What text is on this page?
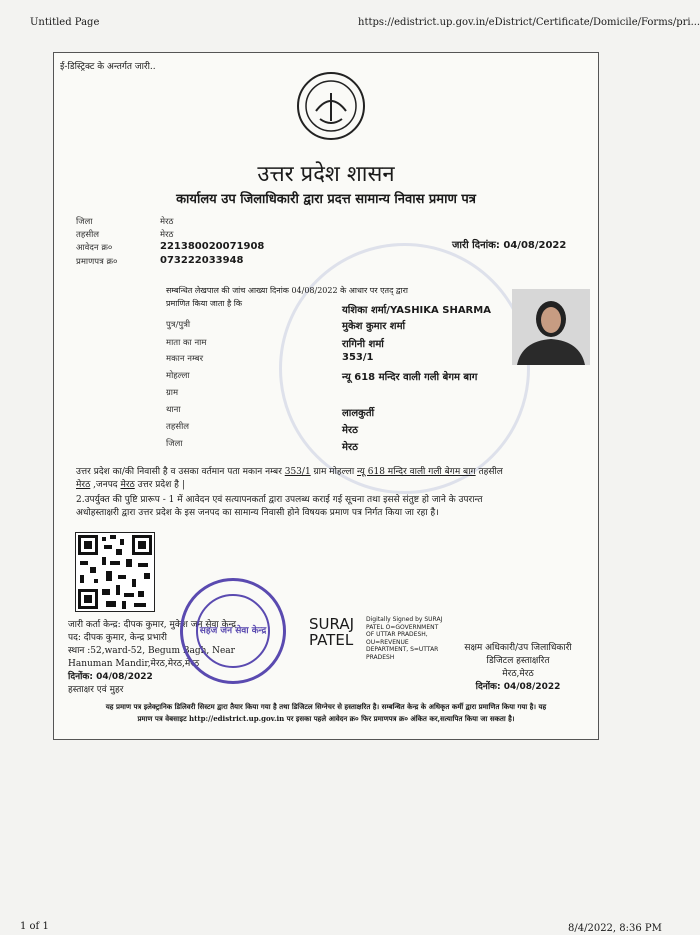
Untitled Page	https://edistrict.up.gov.in/eDistrict/Certificate/Domicile/Forms/pri...
ई-डिस्ट्रिक्ट के अन्तर्गत जारी..
उत्तर प्रदेश शासन
कार्यालय उप जिलाधिकारी द्वारा प्रदत्त सामान्य निवास प्रमाण पत्र
जिला	मेरठ
तहसील	मेरठ
आवेदन क्र०	221380020071908
प्रमाणपत्र क्र०	073222033948
जारी दिनांक: 04/08/2022
सम्बन्धित लेखपाल की जांच आख्या दिनांक 04/08/2022 के आधार पर एतद् द्वारा
प्रमाणित किया जाता है कि
यशिका शर्मा/YASHIKA SHARMA
पुत्र/पुत्री	मुकेश कुमार शर्मा
माता का नाम	रागिनी शर्मा
मकान नम्बर	353/1
मोहल्ला	न्यू 618 मन्दिर वाली गली बेगम बाग
ग्राम
थाना	लालकुर्ती
तहसील	मेरठ
जिला	मेरठ
उत्तर प्रदेश का/की निवासी है व उसका वर्तमान पता मकान नम्बर 353/1 ग्राम मोहल्ला न्यू 618 मन्दिर वाली गली बेगम बाग तहसील
मेरठ ,जनपद मेरठ उत्तर प्रदेश है |
2.उपर्युक्त की पुष्टि प्रारूप - 1 में आवेदन एवं सत्यापनकर्ता द्वारा उपलब्ध कराई गई सूचना तथा इससे संतुष्ट हो जाने के उपरान्त
अधोहस्ताक्षरी द्वारा उत्तर प्रदेश के इस जनपद का सामान्य निवासी होने विषयक प्रमाण पत्र निर्गत किया जा रहा है।
जारी कर्ता केन्द्र: दीपक कुमार, मुकेश जन सेवा केन्द्र
पद: दीपक कुमार, केन्द्र प्रभारी
स्थान :52,ward-52, Begum Bagh, Near
Hanuman Mandir,मेरठ,मेरठ,मेरठ
दिनोंक: 04/08/2022
हस्ताक्षर एवं मुहर
सहज जन सेवा केन्द्र	SURAJ
PATEL
Digitally Signed by SURAJ PATEL O=GOVERNMENT OF UTTAR PRADESH, OU=REVENUE DEPARTMENT, S=UTTAR PRADESH
सक्षम अधिकारी/उप जिलाधिकारी
डिजिटल हस्ताक्षरित
मेरठ,मेरठ
दिनोंक: 04/08/2022
यह प्रमाण पत्र इलेक्ट्रानिक डिलिवरी सिस्टम द्वारा तैयार किया गया है तथा डिजिटल सिग्नेचर से हस्ताक्षरित है। सम्बन्धित केन्द्र के अधिकृत कर्मी द्वारा प्रमाणित किया गया है। यह
प्रमाण पत्र वेबसाइट http://edistrict.up.gov.in पर इसका पहले आवेदन क्र० फिर प्रमाणपत्र क्र० अंकित कर,सत्यापित किया जा सकता है।
1 of 1	8/4/2022, 8:36 PM
